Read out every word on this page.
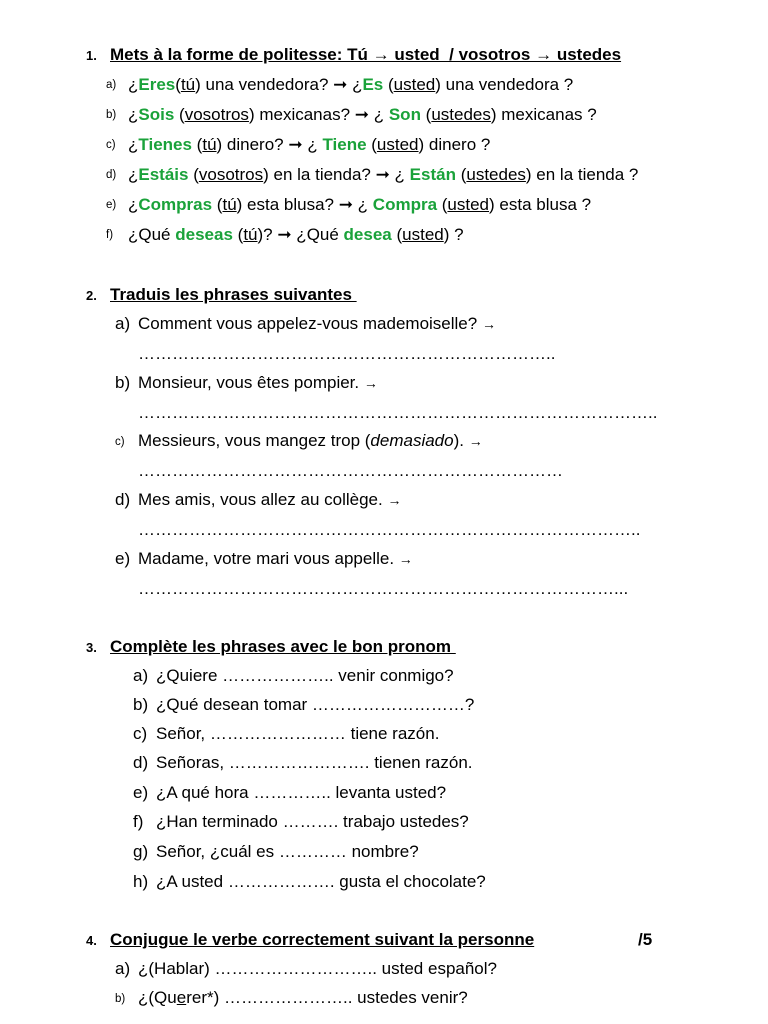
1. Mets à la forme de politesse: Tú → usted  / vosotros → ustedes
a) ¿Eres(tú) una vendedora? ➞ ¿Es (usted) una vendedora ?
b) ¿Sois (vosotros) mexicanas? ➞ ¿ Son (ustedes) mexicanas ?
c) ¿Tienes (tú) dinero? ➞ ¿ Tiene (usted) dinero ?
d) ¿Estáis (vosotros) en la tienda? ➞ ¿ Están (ustedes) en la tienda ?
e) ¿Compras (tú) esta blusa? ➞ ¿ Compra (usted) esta blusa ?
f) ¿Qué deseas (tú)? ➞ ¿Qué desea (usted) ?
2. Traduis les phrases suivantes
a) Comment vous appelez-vous mademoiselle? →
………………………………………………………………..
b) Monsieur, vous êtes pompier. →
………………………………………………………………………………..
c) Messieurs, vous mangez trop (demasiado). →
…………………………………………………………………
d) Mes amis, vous allez au collège. →
……………………………………………………………………………..
e) Madame, votre mari vous appelle. →
…………………………………………………………………………...
3. Complète les phrases avec le bon pronom
a) ¿Quiere ……………….. venir conmigo?
b) ¿Qué desean tomar ………………………?
c) Señor, …………………… tiene razón.
d) Señoras, ……………………. tienen razón.
e) ¿A qué hora ………….. levanta usted?
f) ¿Han terminado ………. trabajo ustedes?
g) Señor, ¿cuál es ………… nombre?
h) ¿A usted ………………. gusta el chocolate?
4. Conjugue le verbe correctement suivant la personne	/5
a) ¿(Hablar) ……………………….. usted español?
b) ¿(Querer*) ………………….. ustedes venir?
